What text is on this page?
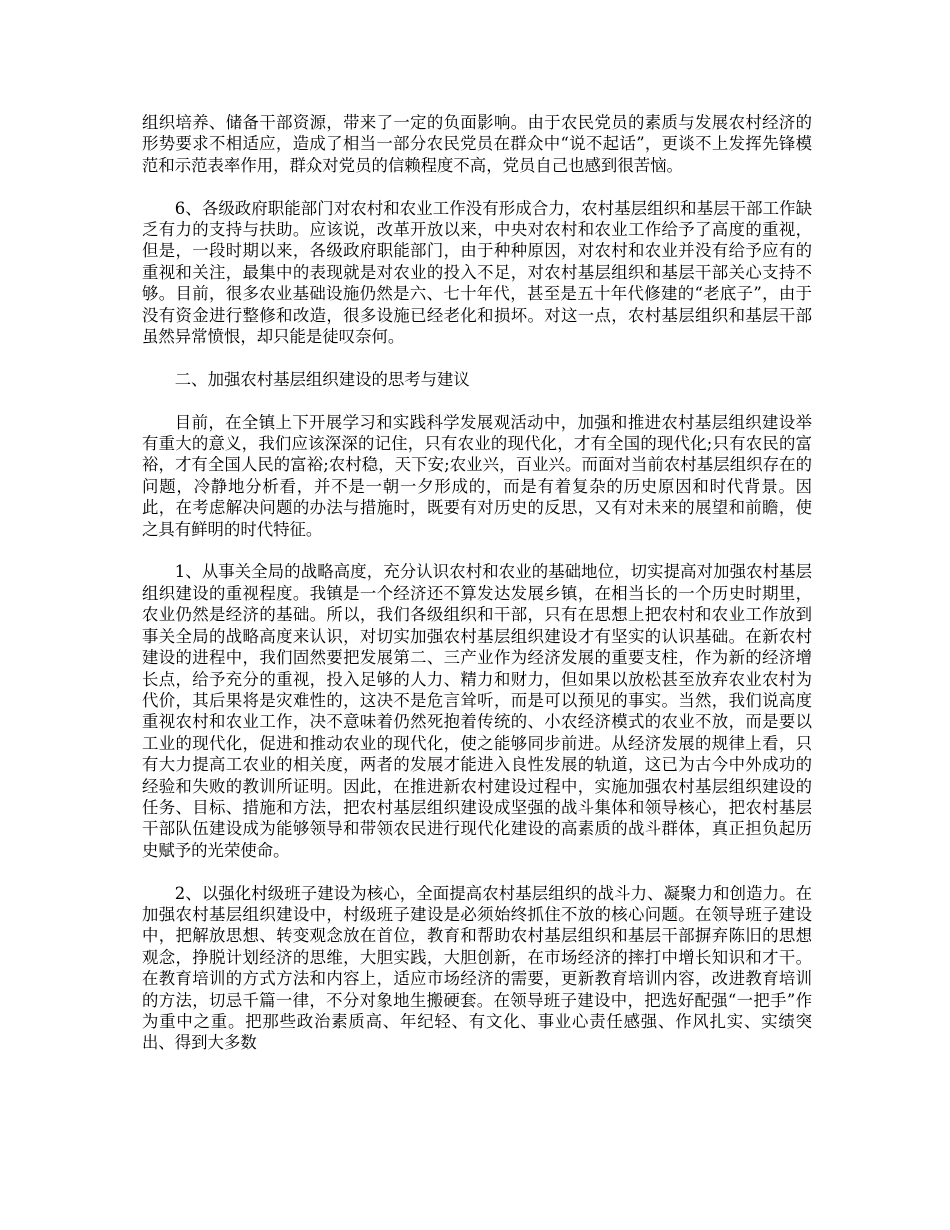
组织培养、储备干部资源，带来了一定的负面影响。由于农民党员的素质与发展农村经济的形势要求不相适应，造成了相当一部分农民党员在群众中“说不起话”，更谈不上发挥先锋模范和示范表率作用，群众对党员的信赖程度不高，党员自己也感到很苦恼。

6、各级政府职能部门对农村和农业工作没有形成合力，农村基层组织和基层干部工作缺乏有力的支持与扶助。应该说，改革开放以来，中央对农村和农业工作给予了高度的重视，但是，一段时期以来，各级政府职能部门，由于种种原因，对农村和农业并没有给予应有的重视和关注，最集中的表现就是对农业的投入不足，对农村基层组织和基层干部关心支持不够。目前，很多农业基础设施仍然是六、七十年代，甚至是五十年代修建的“老底子”，由于没有资金进行整修和改造，很多设施已经老化和损坏。对这一点，农村基层组织和基层干部虽然异常愤恨，却只能是徒叹奈何。

二、加强农村基层组织建设的思考与建议

目前，在全镇上下开展学习和实践科学发展观活动中，加强和推进农村基层组织建设举有重大的意义，我们应该深深的记住，只有农业的现代化，才有全国的现代化;只有农民的富裕，才有全国人民的富裕;农村稳，天下安;农业兴，百业兴。而面对当前农村基层组织存在的问题，冷静地分析看，并不是一朝一夕形成的，而是有着复杂的历史原因和时代背景。因此，在考虑解决问题的办法与措施时，既要有对历史的反思，又有对未来的展望和前瞻，使之具有鲜明的时代特征。

1、从事关全局的战略高度，充分认识农村和农业的基础地位，切实提高对加强农村基层组织建设的重视程度。我镇是一个经济还不算发达发展乡镇，在相当长的一个历史时期里，农业仍然是经济的基础。所以，我们各级组织和干部，只有在思想上把农村和农业工作放到事关全局的战略高度来认识，对切实加强农村基层组织建设才有坚实的认识基础。在新农村建设的进程中，我们固然要把发展第二、三产业作为经济发展的重要支柱，作为新的经济增长点，给予充分的重视，投入足够的人力、精力和财力，但如果以放松甚至放弃农业农村为代价，其后果将是灾难性的，这决不是危言耸听，而是可以预见的事实。当然，我们说高度重视农村和农业工作，决不意味着仍然死抱着传统的、小农经济模式的农业不放，而是要以工业的现代化，促进和推动农业的现代化，使之能够同步前进。从经济发展的规律上看，只有大力提高工农业的相关度，两者的发展才能进入良性发展的轨道，这已为古今中外成功的经验和失败的教训所证明。因此，在推进新农村建设过程中，实施加强农村基层组织建设的任务、目标、措施和方法，把农村基层组织建设成坚强的战斗集体和领导核心，把农村基层干部队伍建设成为能够领导和带领农民进行现代化建设的高素质的战斗群体，真正担负起历史赋予的光荣使命。

2、以强化村级班子建设为核心，全面提高农村基层组织的战斗力、凝聚力和创造力。在加强农村基层组织建设中，村级班子建设是必须始终抓住不放的核心问题。在领导班子建设中，把解放思想、转变观念放在首位，教育和帮助农村基层组织和基层干部摒弃陈旧的思想观念，挣脱计划经济的思维，大胆实践，大胆创新，在市场经济的摔打中增长知识和才干。在教育培训的方式方法和内容上，适应市场经济的需要，更新教育培训内容，改进教育培训的方法，切忌千篇一律，不分对象地生搬硬套。在领导班子建设中，把选好配强“一把手”作为重中之重。把那些政治素质高、年纪轻、有文化、事业心责任感强、作风扎实、实绩突出、得到大多数
